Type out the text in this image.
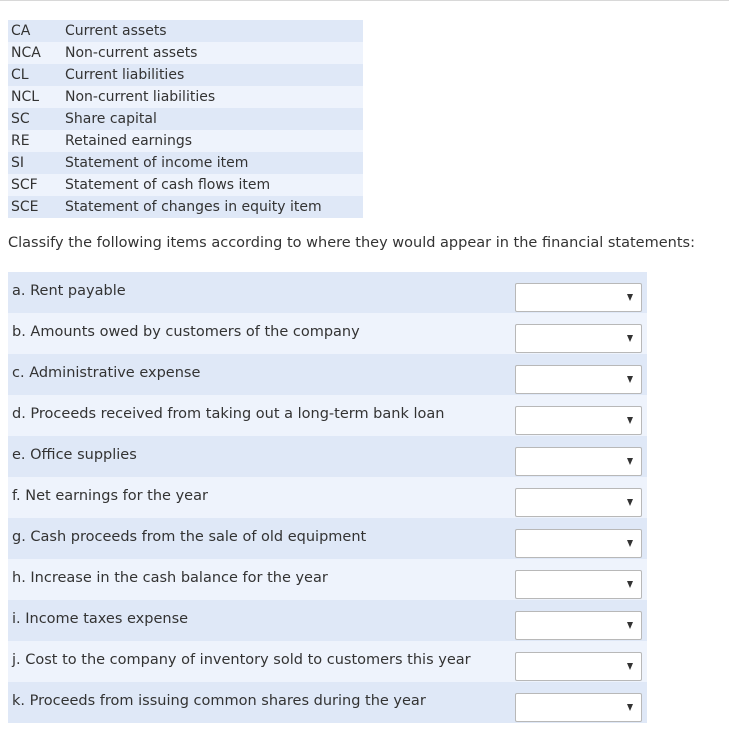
CA	Current assets
NCA	Non-current assets
CL	Current liabilities
NCL	Non-current liabilities
SC	Share capital
RE	Retained earnings
SI	Statement of income item
SCF	Statement of cash flows item
SCE	Statement of changes in equity item
Classify the following items according to where they would appear in the financial statements:
a. Rent payable
b. Amounts owed by customers of the company
c. Administrative expense
d. Proceeds received from taking out a long-term bank loan
e. Office supplies
f. Net earnings for the year
g. Cash proceeds from the sale of old equipment
h. Increase in the cash balance for the year
i. Income taxes expense
j. Cost to the company of inventory sold to customers this year
k. Proceeds from issuing common shares during the year
